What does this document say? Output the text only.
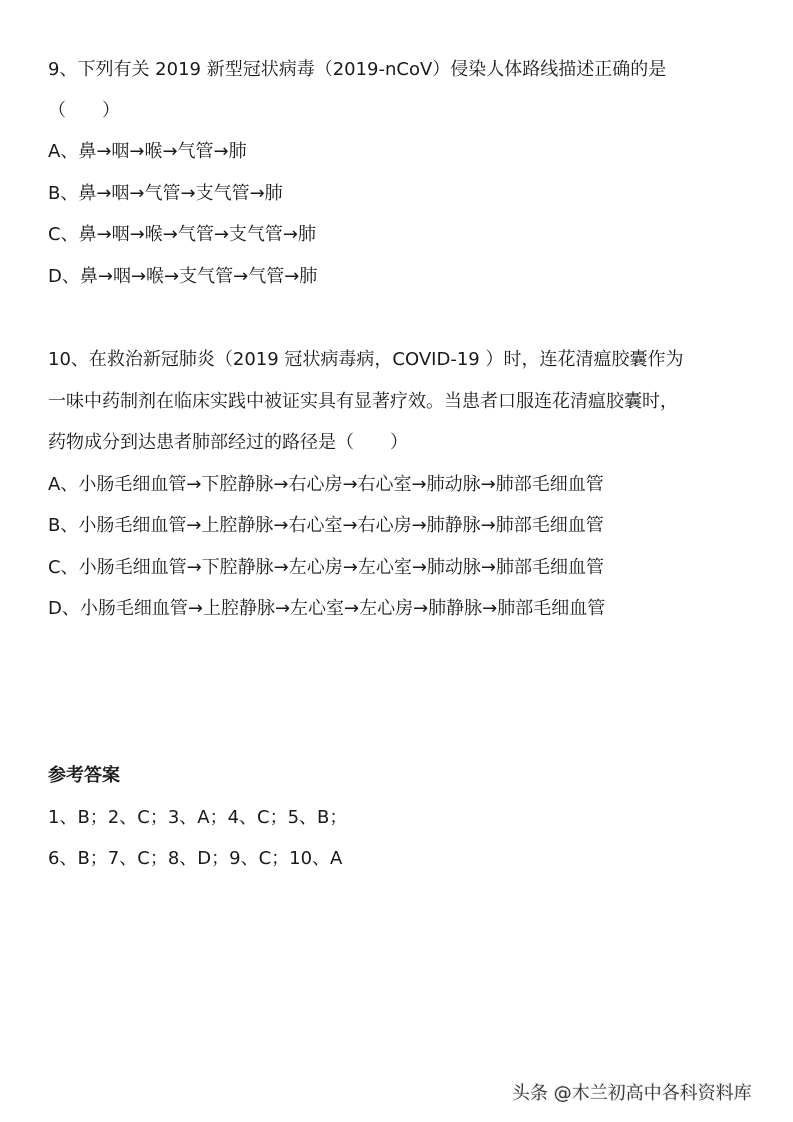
9、下列有关 2019 新型冠状病毒（2019-nCoV）侵染人体路线描述正确的是
（　　）
A、鼻→咽→喉→气管→肺
B、鼻→咽→气管→支气管→肺
C、鼻→咽→喉→气管→支气管→肺
D、鼻→咽→喉→支气管→气管→肺
10、在救治新冠肺炎（2019 冠状病毒病，COVID-19 ）时，连花清瘟胶囊作为
一味中药制剂在临床实践中被证实具有显著疗效。当患者口服连花清瘟胶囊时，
药物成分到达患者肺部经过的路径是（　　）
A、小肠毛细血管→下腔静脉→右心房→右心室→肺动脉→肺部毛细血管
B、小肠毛细血管→上腔静脉→右心室→右心房→肺静脉→肺部毛细血管
C、小肠毛细血管→下腔静脉→左心房→左心室→肺动脉→肺部毛细血管
D、小肠毛细血管→上腔静脉→左心室→左心房→肺静脉→肺部毛细血管
参考答案
1、B；2、C；3、A；4、C；5、B；
6、B；7、C；8、D；9、C；10、A
头条 @木兰初高中各科资料库
